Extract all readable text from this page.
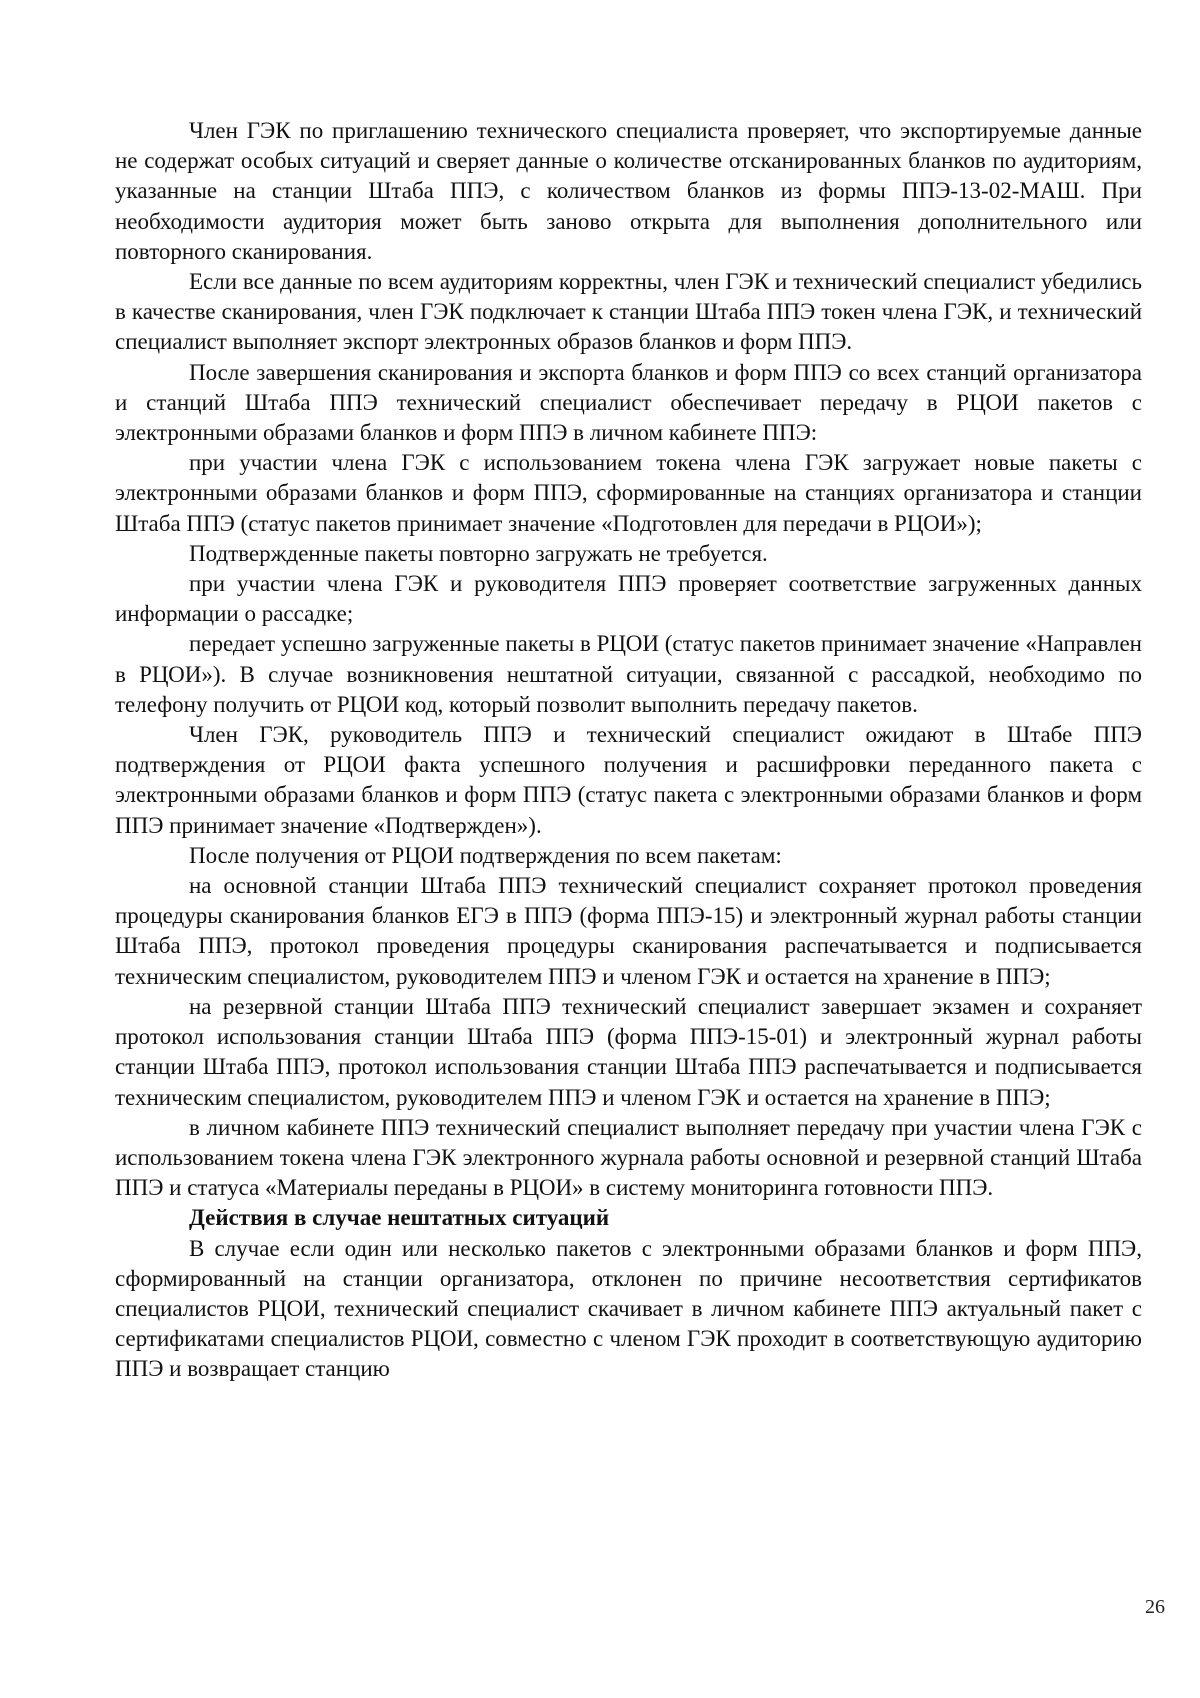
Член ГЭК по приглашению технического специалиста проверяет, что экспортируемые данные не содержат особых ситуаций и сверяет данные о количестве отсканированных бланков по аудиториям, указанные на станции Штаба ППЭ, с количеством бланков из формы ППЭ-13-02-МАШ. При необходимости аудитория может быть заново открыта для выполнения дополнительного или повторного сканирования.

Если все данные по всем аудиториям корректны, член ГЭК и технический специалист убедились в качестве сканирования, член ГЭК подключает к станции Штаба ППЭ токен члена ГЭК, и технический специалист выполняет экспорт электронных образов бланков и форм ППЭ.

После завершения сканирования и экспорта бланков и форм ППЭ со всех станций организатора и станций Штаба ППЭ технический специалист обеспечивает передачу в РЦОИ пакетов с электронными образами бланков и форм ППЭ в личном кабинете ППЭ:

при участии члена ГЭК с использованием токена члена ГЭК загружает новые пакеты с электронными образами бланков и форм ППЭ, сформированные на станциях организатора и станции Штаба ППЭ (статус пакетов принимает значение «Подготовлен для передачи в РЦОИ»);

Подтвержденные пакеты повторно загружать не требуется.

при участии члена ГЭК и руководителя ППЭ проверяет соответствие загруженных данных информации о рассадке;

передает успешно загруженные пакеты в РЦОИ (статус пакетов принимает значение «Направлен в РЦОИ»). В случае возникновения нештатной ситуации, связанной с рассадкой, необходимо по телефону получить от РЦОИ код, который позволит выполнить передачу пакетов.

Член ГЭК, руководитель ППЭ и технический специалист ожидают в Штабе ППЭ подтверждения от РЦОИ факта успешного получения и расшифровки переданного пакета с электронными образами бланков и форм ППЭ (статус пакета с электронными образами бланков и форм ППЭ принимает значение «Подтвержден»).

После получения от РЦОИ подтверждения по всем пакетам:

на основной станции Штаба ППЭ технический специалист сохраняет протокол проведения процедуры сканирования бланков ЕГЭ в ППЭ (форма ППЭ-15) и электронный журнал работы станции Штаба ППЭ, протокол проведения процедуры сканирования распечатывается и подписывается техническим специалистом, руководителем ППЭ и членом ГЭК и остается на хранение в ППЭ;

на резервной станции Штаба ППЭ технический специалист завершает экзамен и сохраняет протокол использования станции Штаба ППЭ (форма ППЭ-15-01) и электронный журнал работы станции Штаба ППЭ, протокол использования станции Штаба ППЭ распечатывается и подписывается техническим специалистом, руководителем ППЭ и членом ГЭК и остается на хранение в ППЭ;

в личном кабинете ППЭ технический специалист выполняет передачу при участии члена ГЭК с использованием токена члена ГЭК электронного журнала работы основной и резервной станций Штаба ППЭ и статуса «Материалы переданы в РЦОИ» в систему мониторинга готовности ППЭ.

Действия в случае нештатных ситуаций

В случае если один или несколько пакетов с электронными образами бланков и форм ППЭ, сформированный на станции организатора, отклонен по причине несоответствия сертификатов специалистов РЦОИ, технический специалист скачивает в личном кабинете ППЭ актуальный пакет с сертификатами специалистов РЦОИ, совместно с членом ГЭК проходит в соответствующую аудиторию ППЭ и возвращает станцию

26
